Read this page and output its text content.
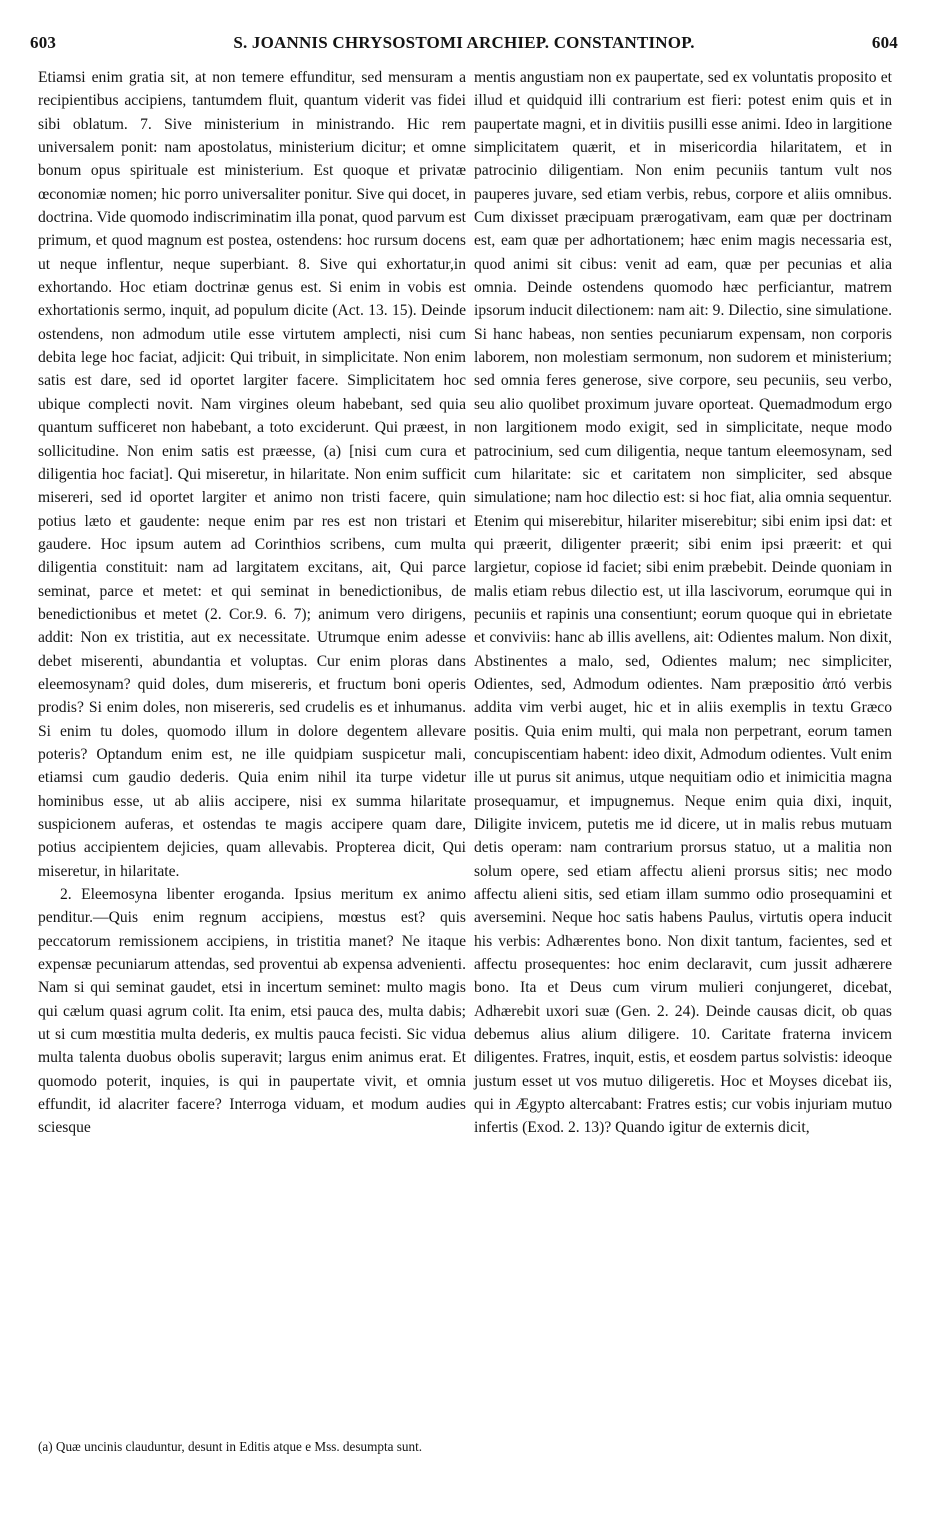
603	S. JOANNIS CHRYSOSTOMI ARCHIEP. CONSTANTINOP.	604

Etiamsi enim gratia sit, at non temere effunditur, sed mensuram a recipientibus accipiens, tantumdem fluit, quantum viderit vas fidei sibi oblatum. 7. Sive ministerium in ministrando. Hic rem universalem ponit: nam apostolatus, ministerium dicitur; et omne bonum opus spirituale est ministerium. Est quoque et privatæ œconomiæ nomen; hic porro universaliter ponitur. Sive qui docet, in doctrina. Vide quomodo indiscriminatim illa ponat, quod parvum est primum, et quod magnum est postea, ostendens: hoc rursum docens ut neque inflentur, neque superbiant. 8. Sive qui exhortatur,in exhortando. Hoc etiam doctrinæ genus est. Si enim in vobis est exhortationis sermo, inquit, ad populum dicite (Act. 13. 15). Deinde ostendens, non admodum utile esse virtutem amplecti, nisi cum debita lege hoc faciat, adjicit: Qui tribuit, in simplicitate. Non enim satis est dare, sed id oportet largiter facere. Simplicitatem hoc ubique complecti novit. Nam virgines oleum habebant, sed quia quantum sufficeret non habebant, a toto exciderunt. Qui præest, in sollicitudine. Non enim satis est præesse, (a) [nisi cum cura et diligentia hoc faciat]. Qui miseretur, in hilaritate. Non enim sufficit misereri, sed id oportet largiter et animo non tristi facere, quin potius læto et gaudente: neque enim par res est non tristari et gaudere. Hoc ipsum autem ad Corinthios scribens, cum multa diligentia constituit: nam ad largitatem excitans, ait, Qui parce seminat, parce et metet: et qui seminat in benedictionibus, de benedictionibus et metet (2. Cor.9. 6. 7); animum vero dirigens, addit: Non ex tristitia, aut ex necessitate. Utrumque enim adesse debet miserenti, abundantia et voluptas. Cur enim ploras dans eleemosynam? quid doles, dum misereris, et fructum boni operis prodis? Si enim doles, non misereris, sed crudelis es et inhumanus. Si enim tu doles, quomodo illum in dolore degentem allevare poteris? Optandum enim est, ne ille quidpiam suspicetur mali, etiamsi cum gaudio dederis. Quia enim nihil ita turpe videtur hominibus esse, ut ab aliis accipere, nisi ex summa hilaritate suspicionem auferas, et ostendas te magis accipere quam dare, potius accipientem dejicies, quam allevabis. Propterea dicit, Qui miseretur, in hilaritate.

2. Eleemosyna libenter eroganda. Ipsius meritum ex animo penditur.—Quis enim regnum accipiens, mœstus est? quis peccatorum remissionem accipiens, in tristitia manet? Ne itaque expensæ pecuniarum attendas, sed proventui ab expensa advenienti. Nam si qui seminat gaudet, etsi in incertum seminet: multo magis qui cælum quasi agrum colit. Ita enim, etsi pauca des, multa dabis; ut si cum mœstitia multa dederis, ex multis pauca fecisti. Sic vidua multa talenta duobus obolis superavit; largus enim animus erat. Et quomodo poterit, inquies, is qui in paupertate vivit, et omnia effundit, id alacriter facere? Interroga viduam, et modum audies sciesque

mentis angustiam non ex paupertate, sed ex voluntatis proposito et illud et quidquid illi contrarium est fieri: potest enim quis et in paupertate magni, et in divitiis pusilli esse animi. Ideo in largitione simplicitatem quærit, et in misericordia hilaritatem, et in patrocinio diligentiam. Non enim pecuniis tantum vult nos pauperes juvare, sed etiam verbis, rebus, corpore et aliis omnibus. Cum dixisset præcipuam prærogativam, eam quæ per doctrinam est, eam quæ per adhortationem; hæc enim magis necessaria est, quod animi sit cibus: venit ad eam, quæ per pecunias et alia omnia. Deinde ostendens quomodo hæc perficiantur, matrem ipsorum inducit dilectionem: nam ait: 9. Dilectio, sine simulatione. Si hanc habeas, non senties pecuniarum expensam, non corporis laborem, non molestiam sermonum, non sudorem et ministerium; sed omnia feres generose, sive corpore, seu pecuniis, seu verbo, seu alio quolibet proximum juvare oporteat. Quemadmodum ergo non largitionem modo exigit, sed in simplicitate, neque modo patrocinium, sed cum diligentia, neque tantum eleemosynam, sed cum hilaritate: sic et caritatem non simpliciter, sed absque simulatione; nam hoc dilectio est: si hoc fiat, alia omnia sequentur. Etenim qui miserebitur, hilariter miserebitur; sibi enim ipsi dat: et qui præerit, diligenter præerit; sibi enim ipsi præerit: et qui largietur, copiose id faciet; sibi enim præbebit. Deinde quoniam in malis etiam rebus dilectio est, ut illa lascivorum, eorumque qui in pecuniis et rapinis una consentiunt; eorum quoque qui in ebrietate et conviviis: hanc ab illis avellens, ait: Odientes malum. Non dixit, Abstinentes a malo, sed, Odientes malum; nec simpliciter, Odientes, sed, Admodum odientes. Nam præpositio ἀπό verbis addita vim verbi auget, hic et in aliis exemplis in textu Græco positis. Quia enim multi, qui mala non perpetrant, eorum tamen concupiscentiam habent: ideo dixit, Admodum odientes. Vult enim ille ut purus sit animus, utque nequitiam odio et inimicitia magna prosequamur, et impugnemus. Neque enim quia dixi, inquit, Diligite invicem, putetis me id dicere, ut in malis rebus mutuam detis operam: nam contrarium prorsus statuo, ut a malitia non solum opere, sed etiam affectu alieni prorsus sitis; nec modo affectu alieni sitis, sed etiam illam summo odio prosequamini et aversemini. Neque hoc satis habens Paulus, virtutis opera inducit his verbis: Adhærentes bono. Non dixit tantum, facientes, sed et affectu prosequentes: hoc enim declaravit, cum jussit adhærere bono. Ita et Deus cum virum mulieri conjungeret, dicebat, Adhærebit uxori suæ (Gen. 2. 24). Deinde causas dicit, ob quas debemus alius alium diligere. 10. Caritate fraterna invicem diligentes. Fratres, inquit, estis, et eosdem partus solvistis: ideoque justum esset ut vos mutuo diligeretis. Hoc et Moyses dicebat iis, qui in Ægypto altercabant: Fratres estis; cur vobis injuriam mutuo infertis (Exod. 2. 13)? Quando igitur de externis dicit,

(a) Quæ uncinis clauduntur, desunt in Editis atque e Mss. desumpta sunt.
